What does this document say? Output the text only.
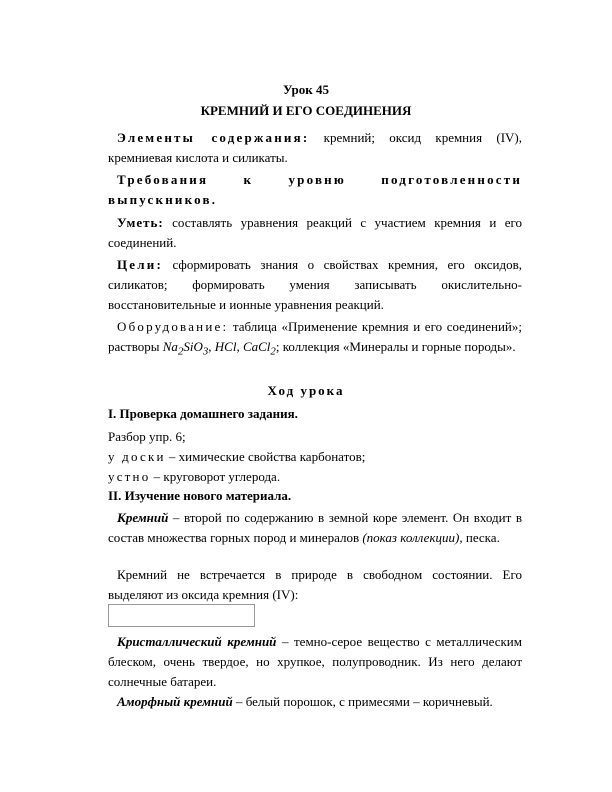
Урок 45
КРЕМНИЙ И ЕГО СОЕДИНЕНИЯ
Элементы содержания: кремний; оксид кремния (IV), кремниевая кислота и силикаты.
Требования	к	уровню	подготовленности
выпускников.
Уметь: составлять уравнения реакций с участием кремния и его соединений.
Цели: сформировать знания о свойствах кремния, его оксидов, силикатов; формировать умения записывать окислительно-восстановительные и ионные уравнения реакций.
Оборудование: таблица «Применение кремния и его соединений»; растворы $Na_2SiO_3$, HCl, CaCl$_2$; коллекция «Минералы и горные породы».
Ход урока
I. Проверка домашнего задания.
Разбор упр. 6;
у доски – химические свойства карбонатов;
устно – круговорот углерода.
II. Изучение нового материала.
Кремний – второй по содержанию в земной коре элемент. Он входит в состав множества горных пород и минералов (показ коллекции), песка.
Кремний не встречается в природе в свободном состоянии. Его выделяют из оксида кремния (IV):
Кристаллический кремний – темно-серое вещество с металлическим блеском, очень твердое, но хрупкое, полупроводник. Из него делают солнечные батареи.
Аморфный кремний – белый порошок, с примесями – коричневый.
